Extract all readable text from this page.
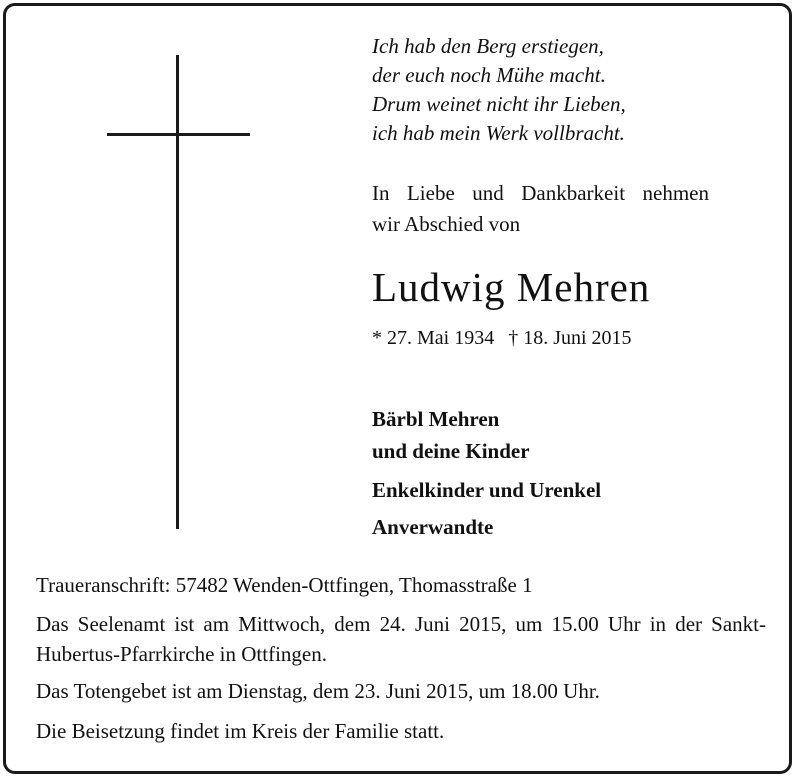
Ich hab den Berg erstiegen,
der euch noch Mühe macht.
Drum weinet nicht ihr Lieben,
ich hab mein Werk vollbracht.
In Liebe und Dankbarkeit nehmen
wir Abschied von
Ludwig Mehren
* 27. Mai 1934 † 18. Juni 2015
Bärbl Mehren
und deine Kinder
Enkelkinder und Urenkel
Anverwandte
Traueranschrift: 57482 Wenden-Ottfingen, Thomasstraße 1
Das Seelenamt ist am Mittwoch, dem 24. Juni 2015, um 15.00 Uhr in der Sankt-Hubertus-Pfarrkirche in Ottfingen.
Das Totengebet ist am Dienstag, dem 23. Juni 2015, um 18.00 Uhr.
Die Beisetzung findet im Kreis der Familie statt.
